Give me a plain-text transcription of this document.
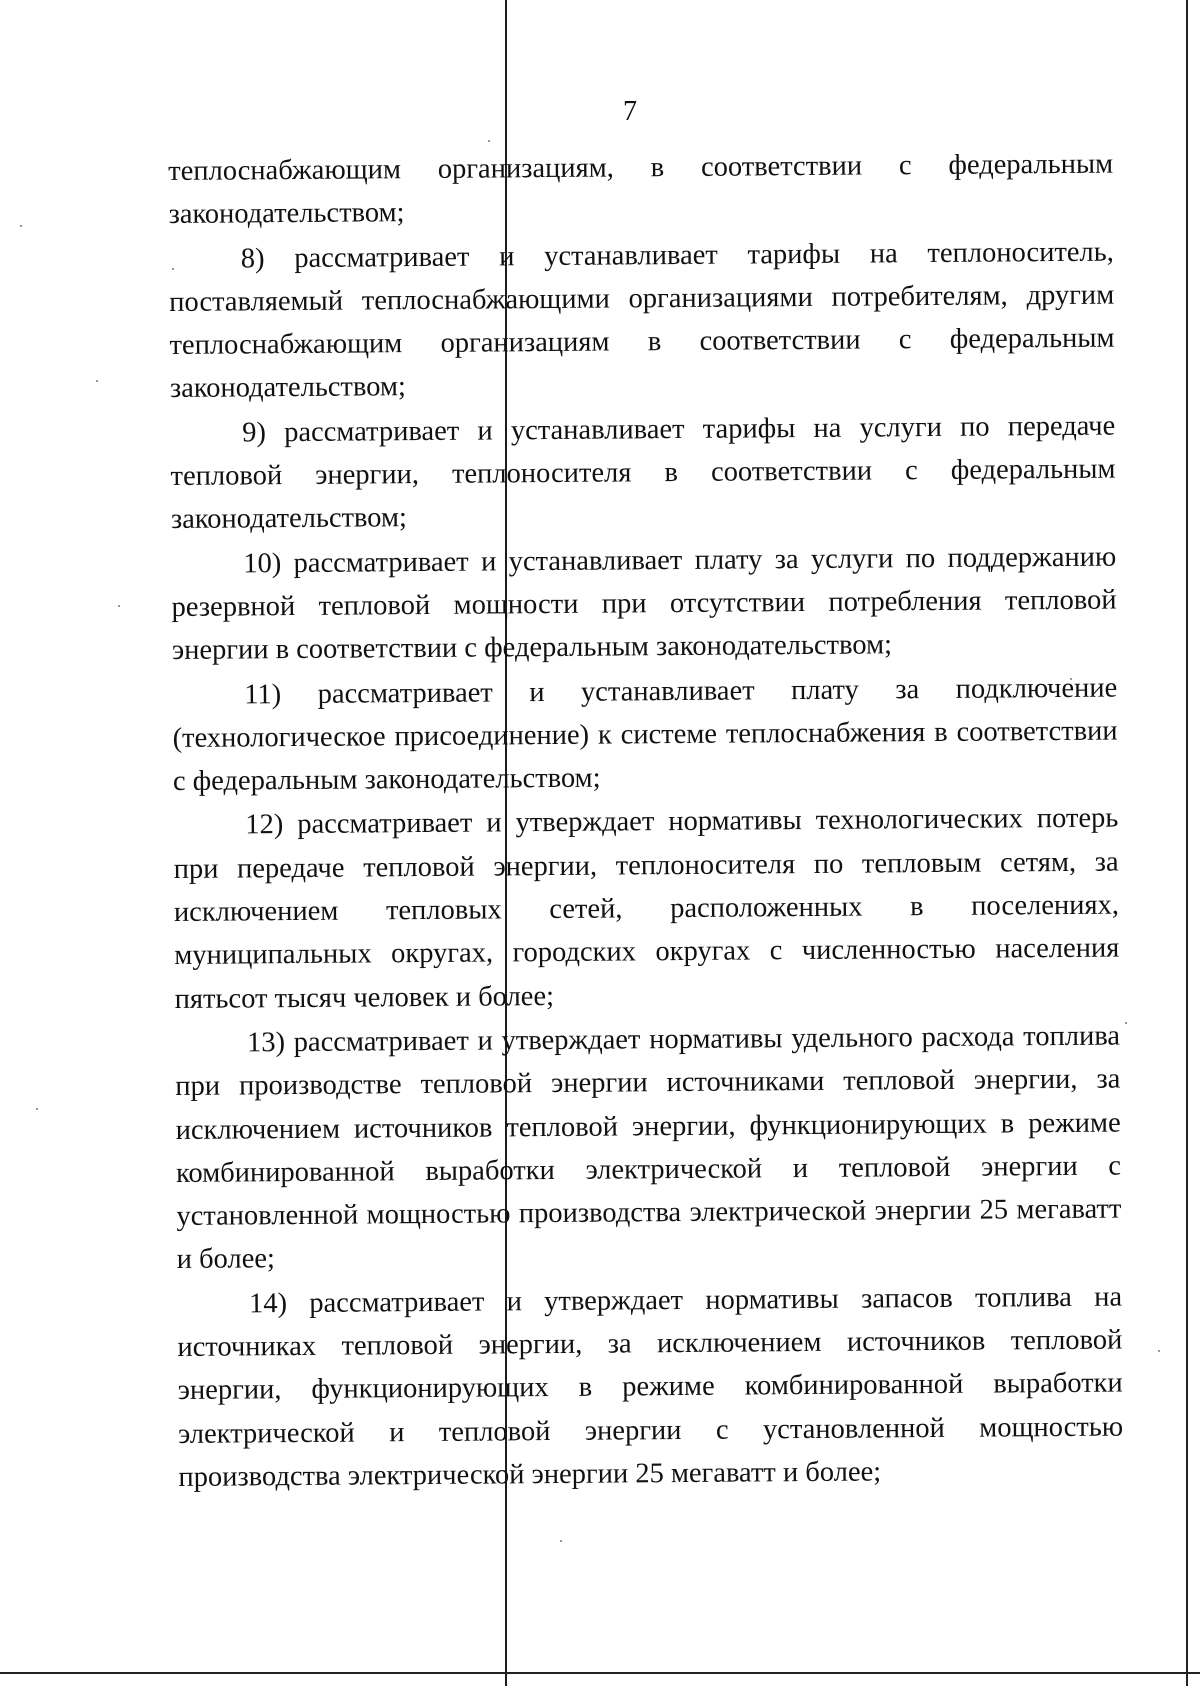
7

теплоснабжающим организациям, в соответствии с федеральным законодательством;

8) рассматривает и устанавливает тарифы на теплоноситель, поставляемый теплоснабжающими организациями потребителям, другим теплоснабжающим организациям в соответствии с федеральным законодательством;

9) рассматривает и устанавливает тарифы на услуги по передаче тепловой энергии, теплоносителя в соответствии с федеральным законодательством;

10) рассматривает и устанавливает плату за услуги по поддержанию резервной тепловой мощности при отсутствии потребления тепловой энергии в соответствии с федеральным законодательством;

11) рассматривает и устанавливает плату за подключение (технологическое присоединение) к системе теплоснабжения в соответствии с федеральным законодательством;

12) рассматривает и утверждает нормативы технологических потерь при передаче тепловой энергии, теплоносителя по тепловым сетям, за исключением тепловых сетей, расположенных в поселениях, муниципальных округах, городских округах с численностью населения пятьсот тысяч человек и более;

13) рассматривает и утверждает нормативы удельного расхода топлива при производстве тепловой энергии источниками тепловой энергии, за исключением источников тепловой энергии, функционирующих в режиме комбинированной выработки электрической и тепловой энергии с установленной мощностью производства электрической энергии 25 мегаватт и более;

14) рассматривает и утверждает нормативы запасов топлива на источниках тепловой энергии, за исключением источников тепловой энергии, функционирующих в режиме комбинированной выработки электрической и тепловой энергии с установленной мощностью производства электрической энергии 25 мегаватт и более;
